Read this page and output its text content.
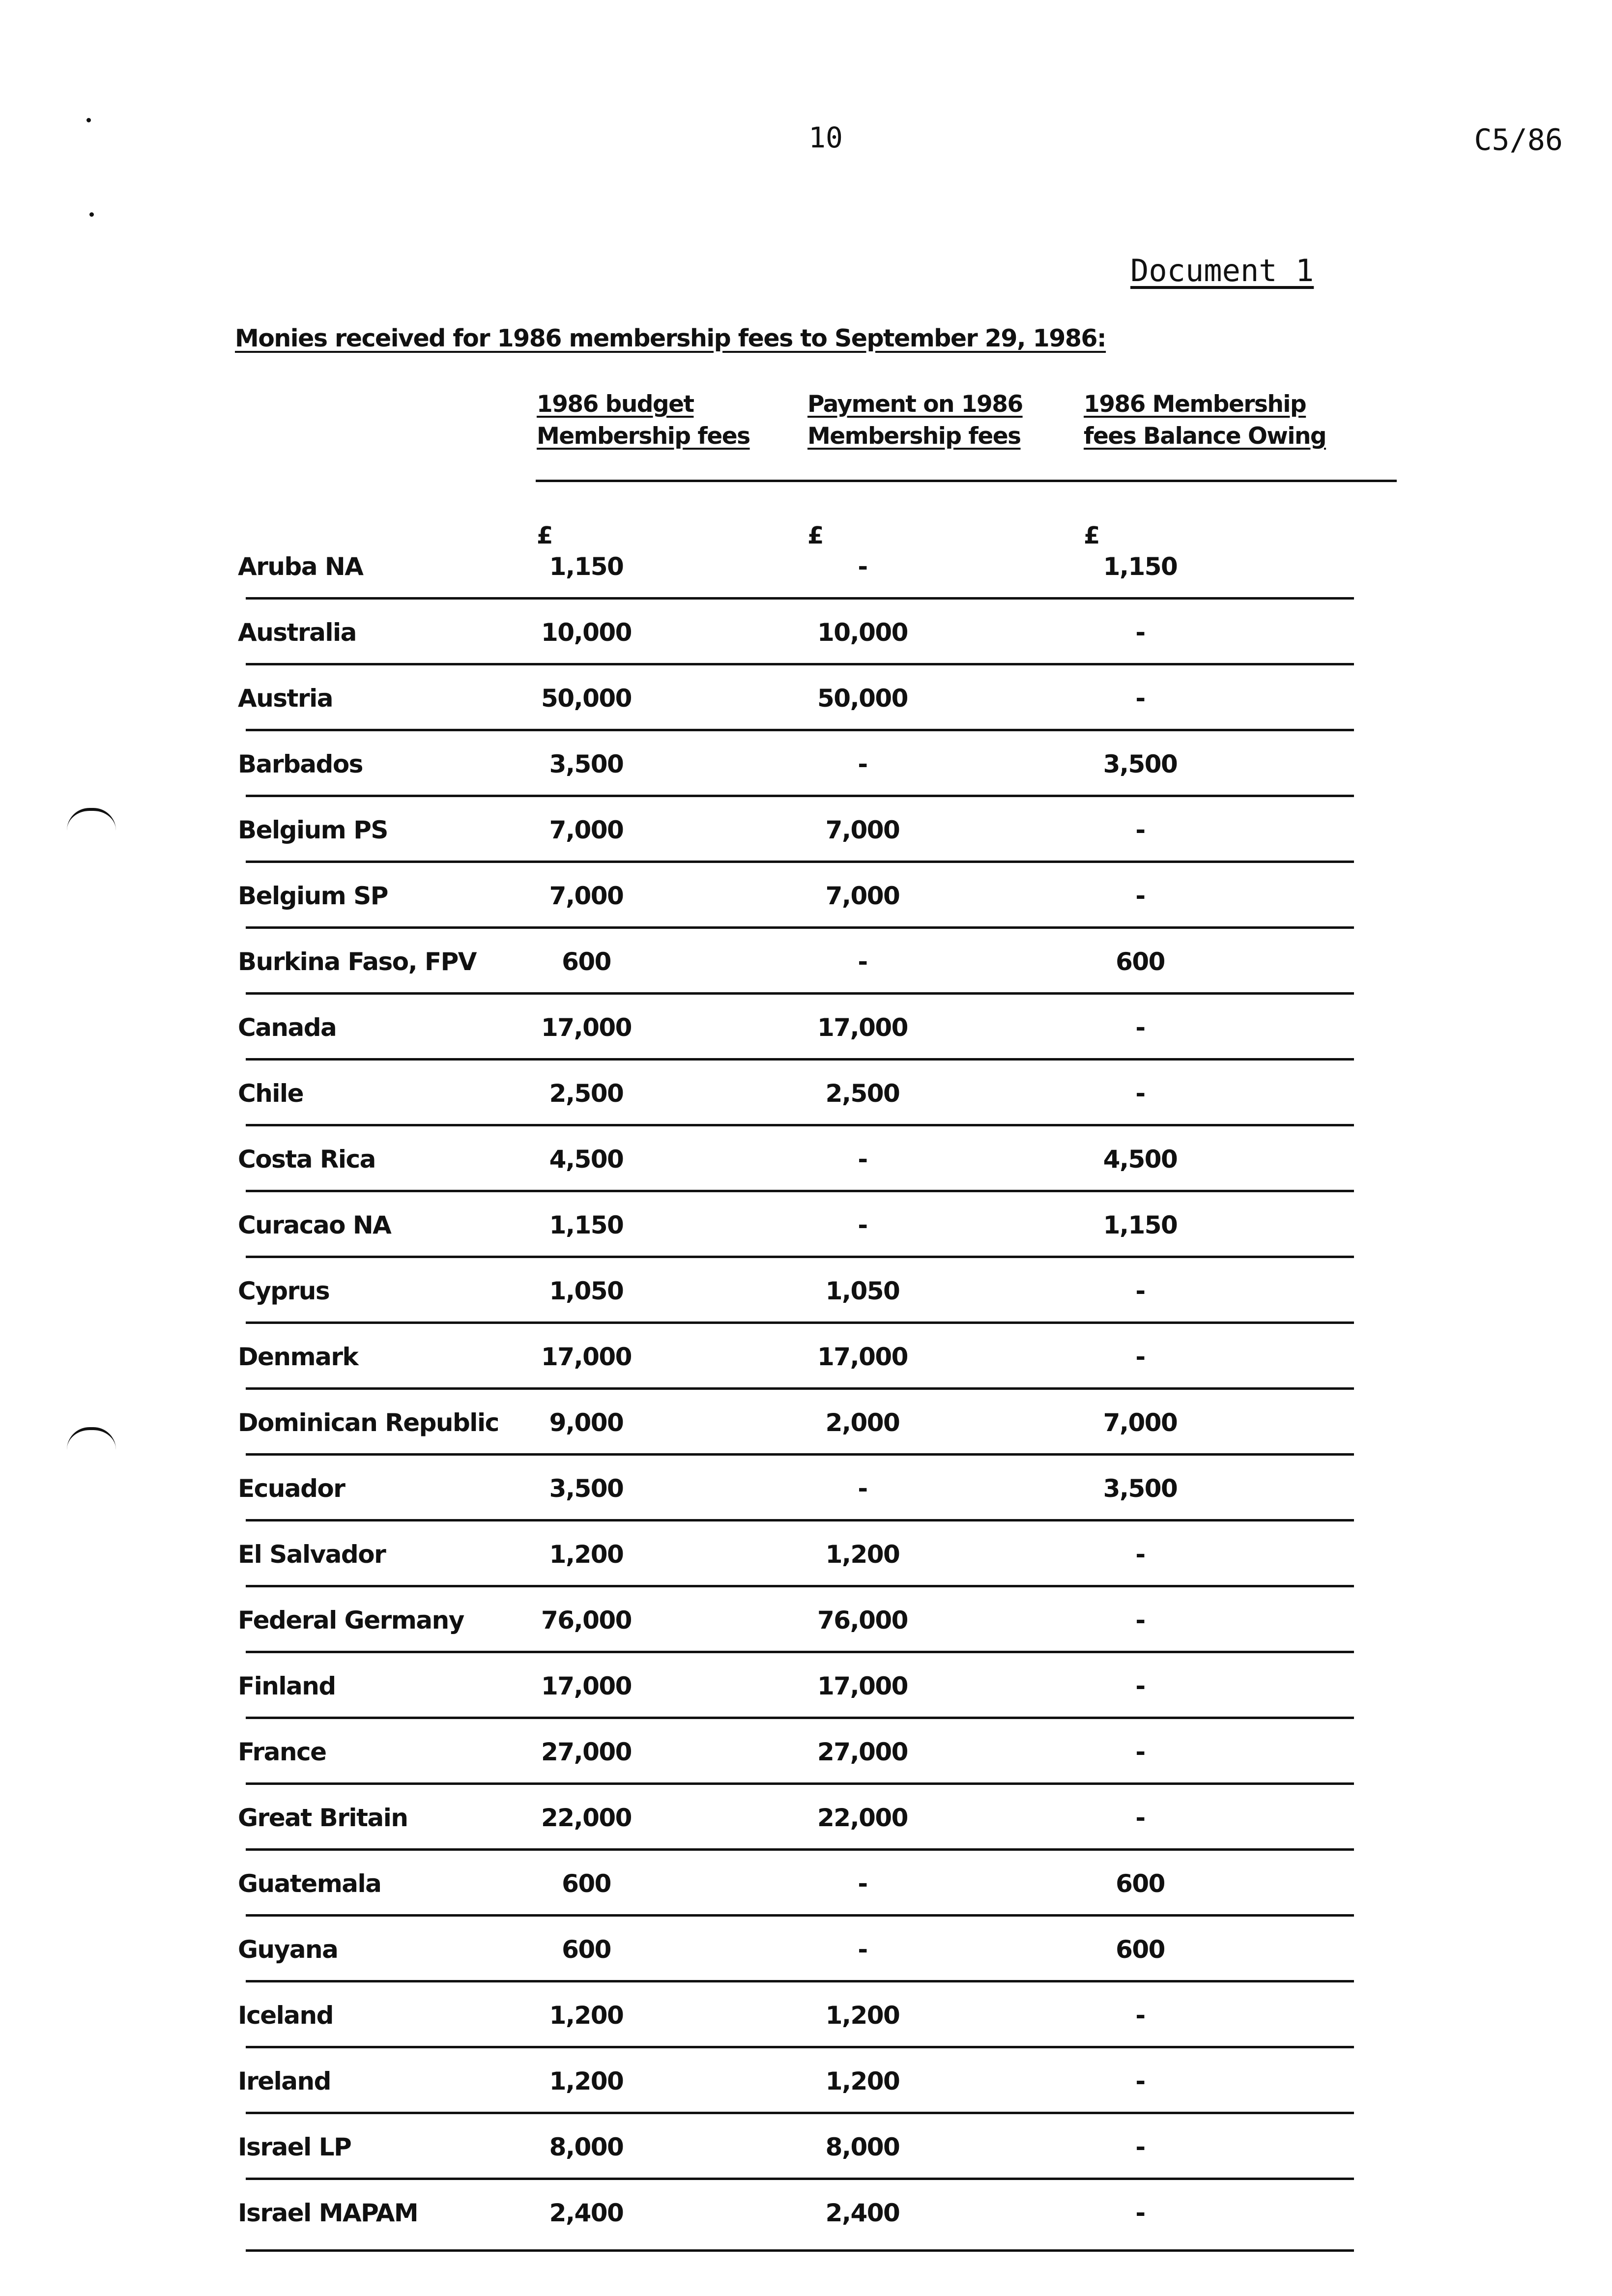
10	C5/86
Document 1
Monies received for 1986 membership fees to September 29, 1986:
1986 budget
Membership fees
Payment on 1986
Membership fees
1986 Membership
fees Balance Owing
£	£	£
Aruba NA	1,150	-	1,150
Australia	10,000	10,000	-
Austria	50,000	50,000	-
Barbados	3,500	-	3,500
Belgium PS	7,000	7,000	-
Belgium SP	7,000	7,000	-
Burkina Faso, FPV	600	-	600
Canada	17,000	17,000	-
Chile	2,500	2,500	-
Costa Rica	4,500	-	4,500
Curacao NA	1,150	-	1,150
Cyprus	1,050	1,050	-
Denmark	17,000	17,000	-
Dominican Republic	9,000	2,000	7,000
Ecuador	3,500	-	3,500
El Salvador	1,200	1,200	-
Federal Germany	76,000	76,000	-
Finland	17,000	17,000	-
France	27,000	27,000	-
Great Britain	22,000	22,000	-
Guatemala	600	-	600
Guyana	600	-	600
Iceland	1,200	1,200	-
Ireland	1,200	1,200	-
Israel LP	8,000	8,000	-
Israel MAPAM	2,400	2,400	-
